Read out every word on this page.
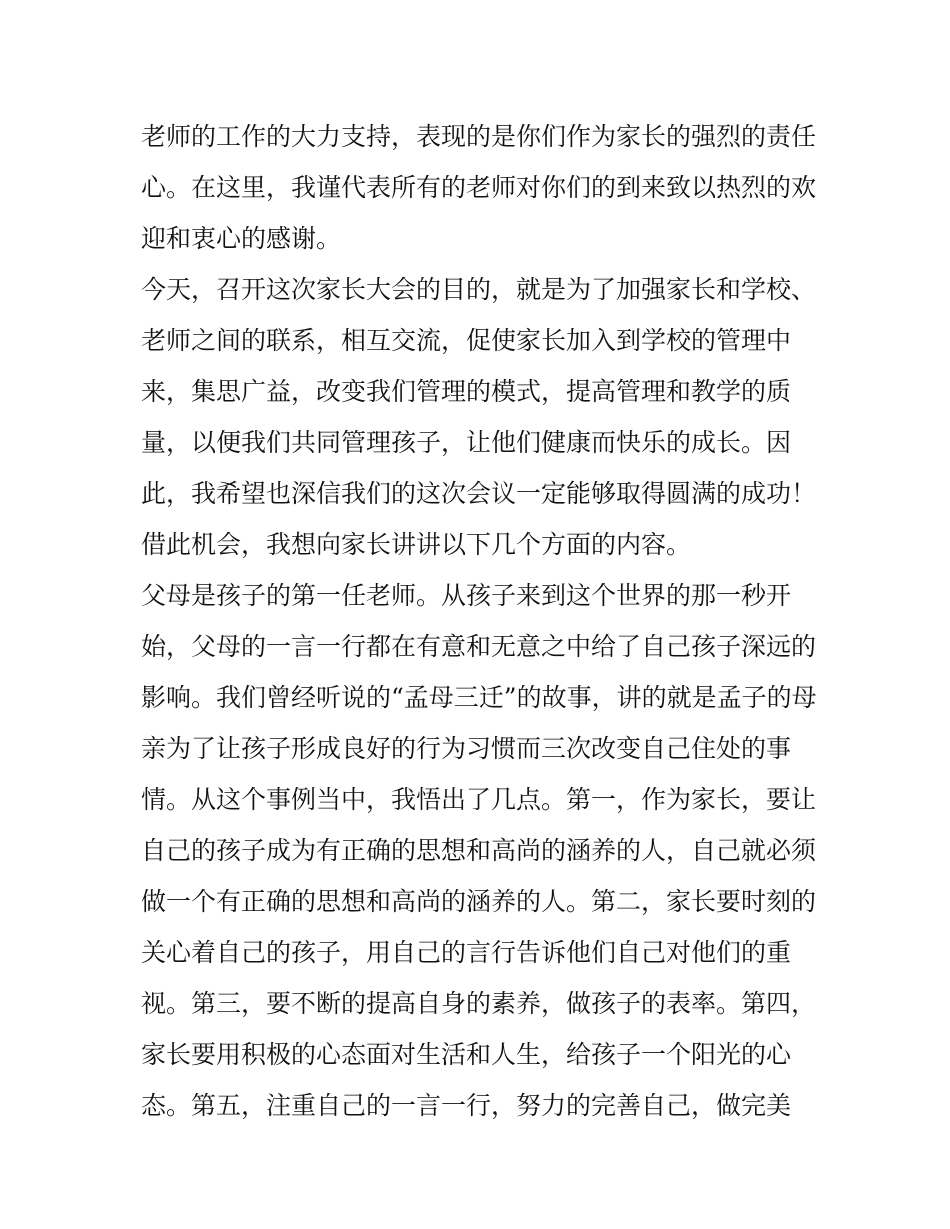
老师的工作的大力支持，表现的是你们作为家长的强烈的责任
心。在这里，我谨代表所有的老师对你们的到来致以热烈的欢
迎和衷心的感谢。
今天，召开这次家长大会的目的，就是为了加强家长和学校、
老师之间的联系，相互交流，促使家长加入到学校的管理中
来，集思广益，改变我们管理的模式，提高管理和教学的质
量，以便我们共同管理孩子，让他们健康而快乐的成长。因
此，我希望也深信我们的这次会议一定能够取得圆满的成功！
借此机会，我想向家长讲讲以下几个方面的内容。
父母是孩子的第一任老师。从孩子来到这个世界的那一秒开
始，父母的一言一行都在有意和无意之中给了自己孩子深远的
影响。我们曾经听说的“孟母三迁”的故事，讲的就是孟子的母
亲为了让孩子形成良好的行为习惯而三次改变自己住处的事
情。从这个事例当中，我悟出了几点。第一，作为家长，要让
自己的孩子成为有正确的思想和高尚的涵养的人，自己就必须
做一个有正确的思想和高尚的涵养的人。第二，家长要时刻的
关心着自己的孩子，用自己的言行告诉他们自己对他们的重
视。第三，要不断的提高自身的素养，做孩子的表率。第四，
家长要用积极的心态面对生活和人生，给孩子一个阳光的心
态。第五，注重自己的一言一行，努力的完善自己，做完美
